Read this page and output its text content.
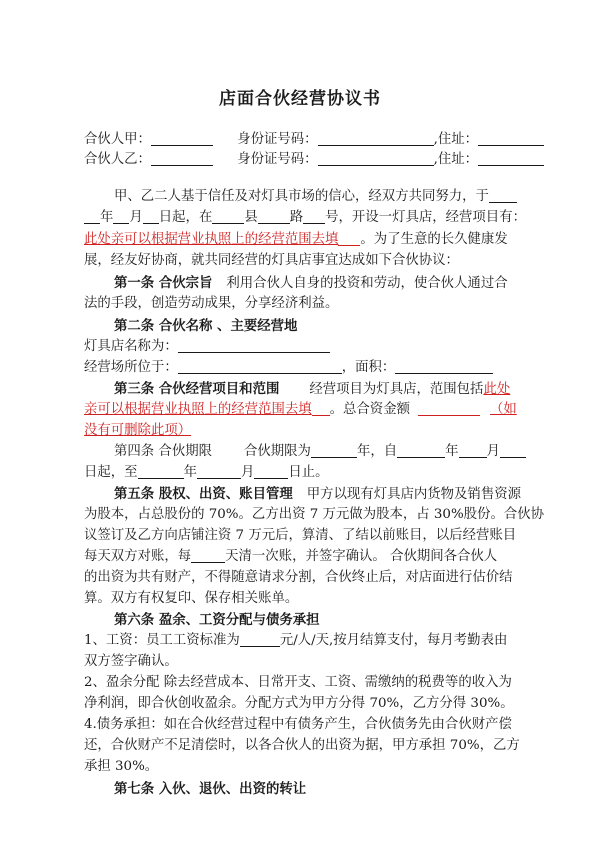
店面合伙经营协议书
合伙人甲：	身份证号码：	,住址：
合伙人乙：	身份证号码：	,住址：
甲、乙二人基于信任及对灯具市场的信心，经双方共同努力，于
年 月 日起，在 县 路 号，开设一灯具店，经营项目有：
此处亲可以根据营业执照上的经营范围去填 。为了生意的长久健康发
展，经友好协商，就共同经营的灯具店事宜达成如下合伙协议：
第一条 合伙宗旨 利用合伙人自身的投资和劳动，使合伙人通过合
法的手段，创造劳动成果，分享经济利益。
第二条 合伙名称 、主要经营地
灯具店名称为：
经营场所位于：	，面积：
第三条 合伙经营项目和范围 经营项目为灯具店，范围包括此处
亲可以根据营业执照上的经营范围去填 。总合资金额	（如
没有可删除此项）
第四条 合伙期限 合伙期限为	年，自	年 月
日起，至	年	月	日止。
第五条 股权、出资、账目管理 甲方以现有灯具店内货物及销售资源
为股本，占总股份的 70%。乙方出资 7 万元做为股本，占 30%股份。合伙协
议签订及乙方向店铺注资 7 万元后，算清、了结以前账目，以后经营账目
每天双方对账，每	天清一次账，并签字确认。 合伙期间各合伙人
的出资为共有财产，不得随意请求分割，合伙终止后，对店面进行估价结
算。双方有权复印、保存相关账单。
第六条 盈余、工资分配与债务承担
1、工资：员工工资标准为	元/人/天,按月结算支付，每月考勤表由
双方签字确认。
2、盈余分配 除去经营成本、日常开支、工资、需缴纳的税费等的收入为
净利润，即合伙创收盈余。分配方式为甲方分得 70%，乙方分得 30%。
4.债务承担：如在合伙经营过程中有债务产生，合伙债务先由合伙财产偿
还，合伙财产不足清偿时，以各合伙人的出资为据，甲方承担 70%，乙方
承担 30%。
第七条 入伙、退伙、出资的转让
